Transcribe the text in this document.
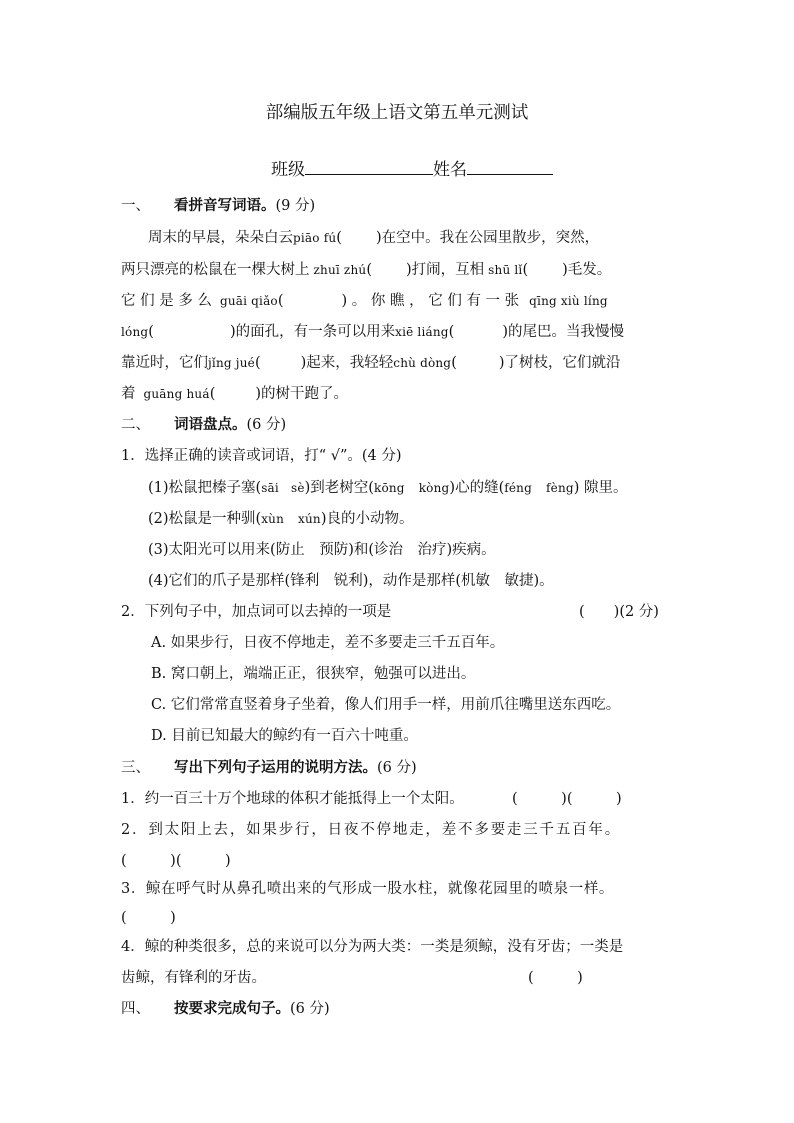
部编版五年级上语文第五单元测试
班级	姓名
一、 看拼音写词语。(9 分)
周末的早晨，朵朵白云piāo fú( )在空中。我在公园里散步，突然，
两只漂亮的松鼠在一棵大树上 zhuī zhú( )打闹，互相 shū lǐ( )毛发。
它 们 是 多 么 guāi qiǎo(	) 。 你 瞧 ， 它 们 有 一 张 qīng xiù líng
lóng(	)的面孔，有一条可以用来xiē liáng(	)的尾巴。当我慢慢
靠近时，它们jǐng jué(	)起来，我轻轻chù dòng(	)了树枝，它们就沿
着 guāng huá(	)的树干跑了。
二、 词语盘点。(6 分)
1．选择正确的读音或词语，打“ √”。(4 分)
(1)松鼠把榛子塞(sāi sè)到老树空(kōng kòng)心的缝(féng fèng) 隙里。
(2)松鼠是一种驯(xùn xún)良的小动物。
(3)太阳光可以用来(防止　预防)和(诊治　治疗)疾病。
(4)它们的爪子是那样(锋利　锐利)，动作是那样(机敏　敏捷)。
2．下列句子中，加点词可以去掉的一项是	(　　)(2 分)
A. 如果步行，日夜不停地走，差不多要走三千五百年。
B. 窝口朝上，端端正正，很狭窄，勉强可以进出。
C. 它们常常直竖着身子坐着，像人们用手一样，用前爪往嘴里送东西吃。
D. 目前已知最大的鲸约有一百六十吨重。
三、 写出下列句子运用的说明方法。(6 分)
1．约一百三十万个地球的体积才能抵得上一个太阳。	(　　　)(　　　)
2．到太阳上去，如果步行，日夜不停地走，差不多要走三千五百年。
(　　　)(　　　)
3．鲸在呼气时从鼻孔喷出来的气形成一股水柱，就像花园里的喷泉一样。
(　　　)
4．鲸的种类很多，总的来说可以分为两大类：一类是须鲸，没有牙齿；一类是
齿鲸，有锋利的牙齿。	(　　　)
四、 按要求完成句子。(6 分)
